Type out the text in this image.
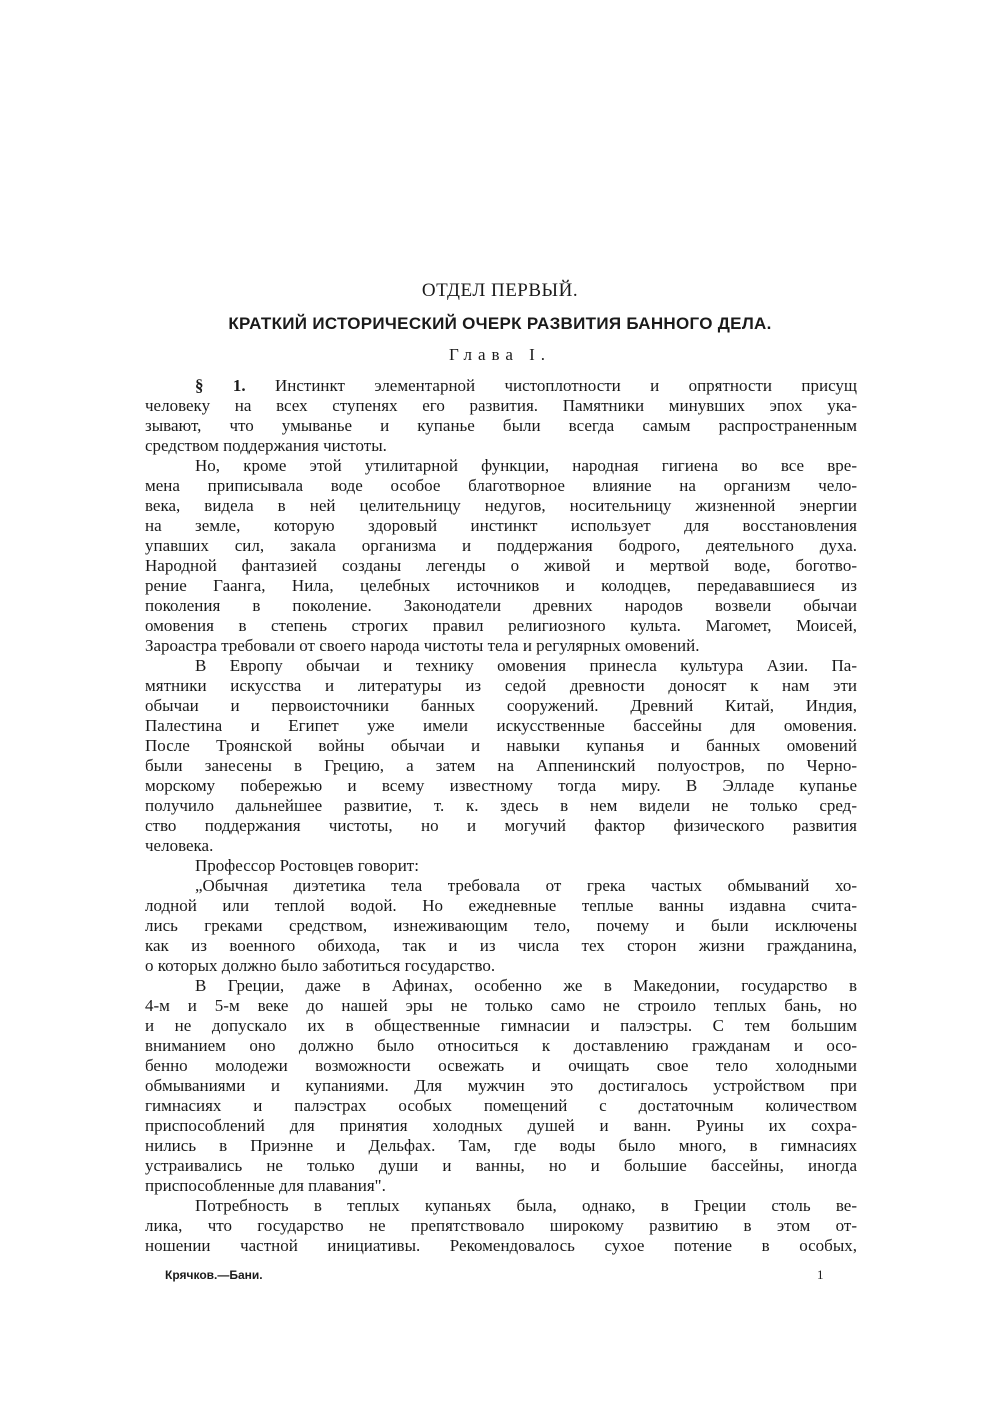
ОТДЕЛ ПЕРВЫЙ.
КРАТКИЙ ИСТОРИЧЕСКИЙ ОЧЕРК РАЗВИТИЯ БАННОГО ДЕЛА.
Глава I.
§ 1. Инстинкт элементарной чистоплотности и опрятности присущ
человеку на всех ступенях его развития. Памятники минувших эпох ука-
зывают, что умыванье и купанье были всегда самым распространенным
средством поддержания чистоты.
Но, кроме этой утилитарной функции, народная гигиена во все вре-
мена приписывала воде особое благотворное влияние на организм чело-
века, видела в ней целительницу недугов, носительницу жизненной энергии
на земле, которую здоровый инстинкт использует для восстановления
упавших сил, закала организма и поддержания бодрого, деятельного духа.
Народной фантазией созданы легенды о живой и мертвой воде, боготво-
рение Гаанга, Нила, целебных источников и колодцев, передававшиеся из
поколения в поколение. Законодатели древних народов возвели обычаи
омовения в степень строгих правил религиозного культа. Магомет, Моисей,
Зароастра требовали от своего народа чистоты тела и регулярных омовений.
В Европу обычаи и технику омовения принесла культура Азии. Па-
мятники искусства и литературы из седой древности доносят к нам эти
обычаи и первоисточники банных сооружений. Древний Китай, Индия,
Палестина и Египет уже имели искусственные бассейны для омовения.
После Троянской войны обычаи и навыки купанья и банных омовений
были занесены в Грецию, а затем на Аппенинский полуостров, по Черно-
морскому побережью и всему известному тогда миру. В Элладе купанье
получило дальнейшее развитие, т. к. здесь в нем видели не только сред-
ство поддержания чистоты, но и могучий фактор физического развития
человека.
Профессор Ростовцев говорит:
„Обычная диэтетика тела требовала от грека частых обмываний хо-
лодной или теплой водой. Но ежедневные теплые ванны издавна счита-
лись греками средством, изнеживающим тело, почему и были исключены
как из военного обихода, так и из числа тех сторон жизни гражданина,
о которых должно было заботиться государство.
В Греции, даже в Афинах, особенно же в Македонии, государство в
4-м и 5-м веке до нашей эры не только само не строило теплых бань, но
и не допускало их в общественные гимнасии и палэстры. С тем большим
вниманием оно должно было относиться к доставлению гражданам и осо-
бенно молодежи возможности освежать и очищать свое тело холодными
обмываниями и купаниями. Для мужчин это достигалось устройством при
гимнасиях и палэстрах особых помещений с достаточным количеством
приспособлений для принятия холодных душей и ванн. Руины их сохра-
нились в Приэнне и Дельфах. Там, где воды было много, в гимнасиях
устраивались не только души и ванны, но и большие бассейны, иногда
приспособленные для плавания".
Потребность в теплых купаньях была, однако, в Греции столь ве-
лика, что государство не препятствовало широкому развитию в этом от-
ношении частной инициативы. Рекомендовалось сухое потение в особых,
Крячков.—Бани.	1
